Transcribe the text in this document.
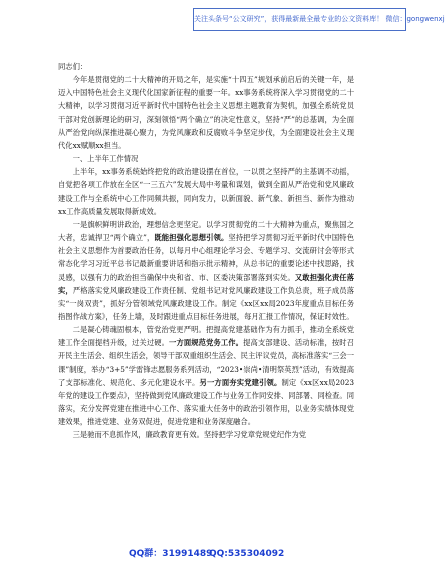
关注头条号“公文研究”，获得最新最全最专业的公文资料库！ 微信：gongwenxj

同志们：

今年是贯彻党的二十大精神的开局之年，是实施“十四五”规划承前启后的关键一年，是迈入中国特色社会主义现代化国家新征程的重要一年。xx事务系统将深入学习贯彻党的二十大精神，以学习贯彻习近平新时代中国特色社会主义思想主题教育为契机，加强全系统党员干部对党创新理论的研习，深刻领悟“两个确立”的决定性意义，坚持“严”的总基调，为全面从严治党向纵深推进凝心聚力，为党风廉政和反腐败斗争坚定步伐，为全面建设社会主义现代化xx赋顺xx担当。

一、上半年工作情况

上半年，xx事务系统始终把党的政治建设摆在首位，一以贯之坚持严的主基调不动摇，自觉把各项工作放在全区“一三五六”发展大局中考量和谋划，做到全面从严治党和党风廉政建设工作与全系统中心工作同频共振，同向发力，以新面貌、新气象、新担当、新作为推动xx工作高质量发展取得新成效。

一是旗帜鲜明讲政治，理想信念更坚定。以学习贯彻党的二十大精神为重点，聚焦国之大者，忠诚捍卫“两个确立”，既能担强化思想引领。坚持把学习贯彻习近平新时代中国特色社会主义思想作为首要政治任务，以每月中心组理论学习会、专题学习、交流研讨会等形式常态化学习习近平总书记最新重要讲话和指示批示精神，从总书记的重要论述中找思路，找灵感，以强有力的政治担当确保中央和省、市、区委决策部署落到实处。又敢担强化责任落实，严格落实党风廉政建设工作责任制、党组书记对党风廉政建设工作负总责，班子成员落实“一岗双责”，抓好分管领域党风廉政建设工作。制定《xx区xx局2023年度重点目标任务指图作战方案》，任务上墙，及时跟进重点目标任务进展，每月汇报工作情况，保证时效性。

二是凝心铸魂固根本，管党治党更严明。把提高党建基础作为有力抓手，推动全系统党建工作全面提档升级，过关过硬。一方面规范党务工作。提高支部建设、活动标准，按时召开民主生活会、组织生活会，领导干部双重组织生活会、民主评议党员，高标准落实“三会一课”制度，举办“3+5”学雷锋志愿服务系列活动，“2023•崇尚•清明祭英烈”活动，有效提高了支部标准化、规范化、多元化建设水平。另一方面夯实党建引领。制定《xx区xx局2023年党的建设工作要点》，坚持做到党风廉政建设工作与业务工作同安排、同部署、同检查。同落实，充分发挥党建在推进中心工作、落实重大任务中的政治引领作用，以业务实绩体现党建效果，推进党建、业务双促进，促进党建和业务深度融合。

三是驰而不息抓作风，廉政教育更有效。坚持把学习党章党规党纪作为党

QQ群：31991489
QQ:535304092
